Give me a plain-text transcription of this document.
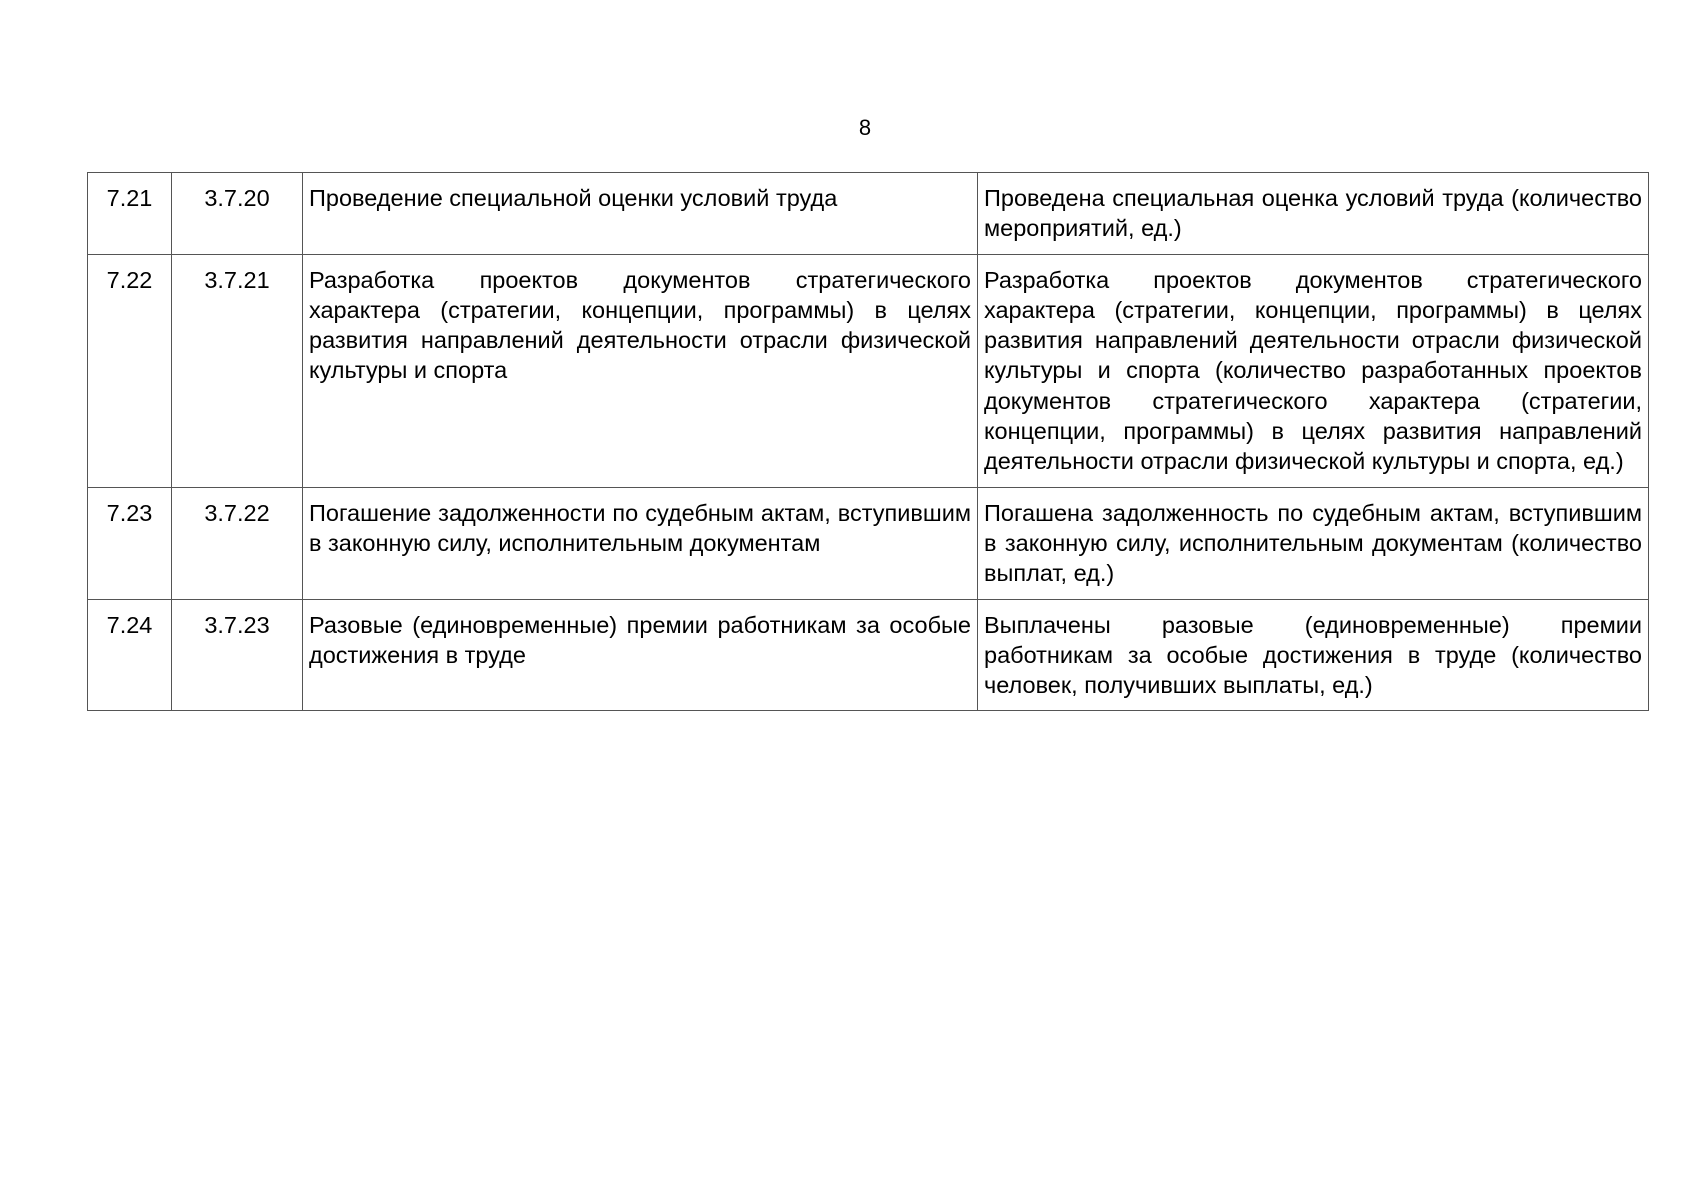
8
7.21	3.7.20	Проведение специальной оценки условий труда	Проведена специальная оценка условий труда (количество мероприятий, ед.)
7.22	3.7.21	Разработка проектов документов стратегического характера (стратегии, концепции, программы) в целях развития направлений деятельности отрасли физической культуры и спорта	Разработка проектов документов стратегического характера (стратегии, концепции, программы) в целях развития направлений деятельности отрасли физической культуры и спорта (количество разработанных проектов документов стратегического характера (стратегии, концепции, программы) в целях развития направлений деятельности отрасли физической культуры и спорта, ед.)
7.23	3.7.22	Погашение задолженности по судебным актам, вступившим в законную силу, исполнительным документам	Погашена задолженность по судебным актам, вступившим в законную силу, исполнительным документам (количество выплат, ед.)
7.24	3.7.23	Разовые (единовременные) премии работникам за особые достижения в труде	Выплачены разовые (единовременные) премии работникам за особые достижения в труде (количество человек, получивших выплаты, ед.)
